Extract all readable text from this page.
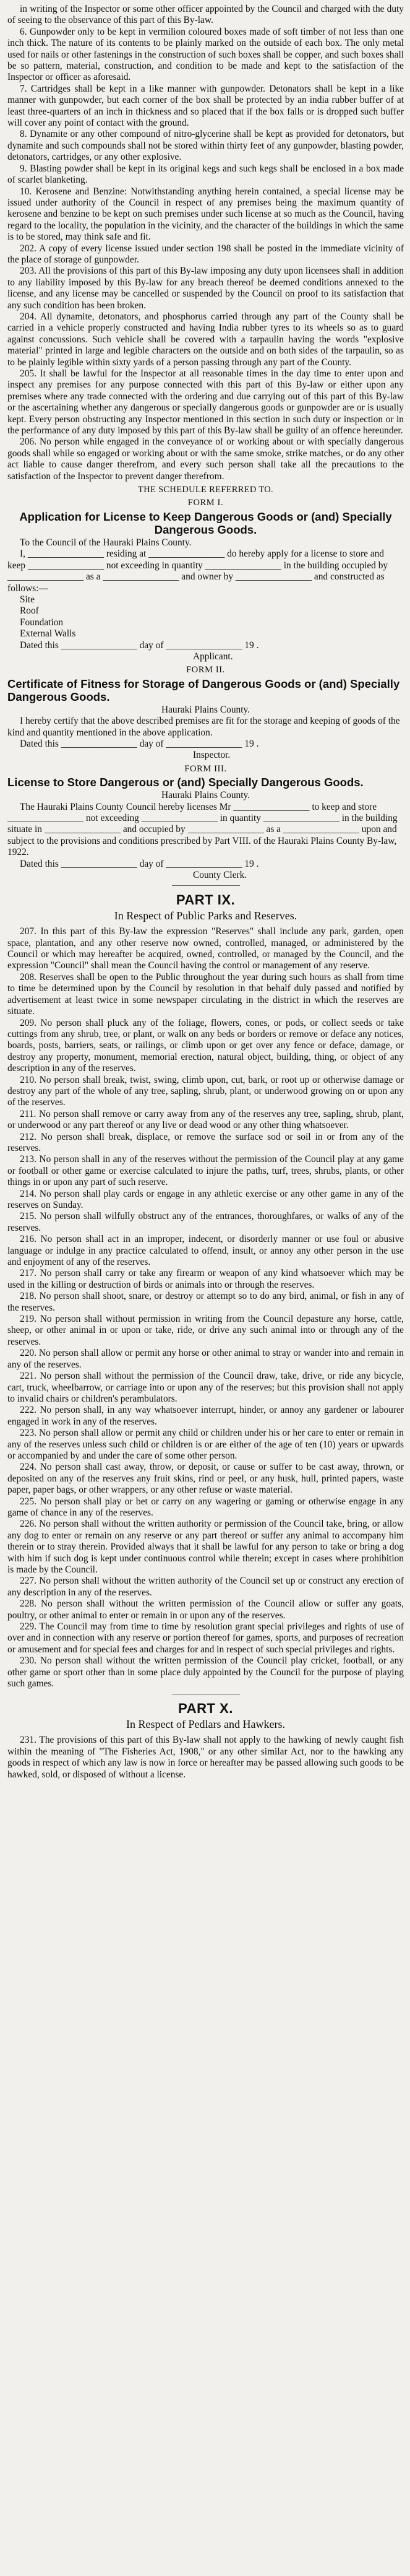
in writing of the Inspector or some other officer appointed by the Council and charged with the duty of seeing to the observance of this part of this By-law.

6. Gunpowder only to be kept in vermilion coloured boxes made of soft timber of not less than one inch thick. The nature of its contents to be plainly marked on the outside of each box. The only metal used for nails or other fastenings in the construction of such boxes shall be copper, and such boxes shall be so pattern, material, construction, and condition to be made and kept to the satisfaction of the Inspector or officer as aforesaid.

7. Cartridges shall be kept in a like manner with gunpowder. Detonators shall be kept in a like manner with gunpowder, but each corner of the box shall be protected by an india rubber buffer of at least three-quarters of an inch in thickness and so placed that if the box falls or is dropped such buffer will cover any point of contact with the ground.

8. Dynamite or any other compound of nitro-glycerine shall be kept as provided for detonators, but dynamite and such compounds shall not be stored within thirty feet of any gunpowder, blasting powder, detonators, cartridges, or any other explosive.

9. Blasting powder shall be kept in its original kegs and such kegs shall be enclosed in a box made of scarlet blanketing.

10. Kerosene and Benzine: Notwithstanding anything herein contained, a special license may be issued under authority of the Council in respect of any premises being the maximum quantity of kerosene and benzine to be kept on such premises under such license at so much as the Council, having regard to the locality, the population in the vicinity, and the character of the buildings in which the same is to be stored, may think safe and fit.

202. A copy of every license issued under section 198 shall be posted in the immediate vicinity of the place of storage of gunpowder.

203. All the provisions of this part of this By-law imposing any duty upon licensees shall in addition to any liability imposed by this By-law for any breach thereof be deemed conditions annexed to the license, and any license may be cancelled or suspended by the Council on proof to its satisfaction that any such condition has been broken.

204. All dynamite, detonators, and phosphorus carried through any part of the County shall be carried in a vehicle properly constructed and having India rubber tyres to its wheels so as to guard against concussions. Such vehicle shall be covered with a tarpaulin having the words "explosive material" printed in large and legible characters on the outside and on both sides of the tarpaulin, so as to be plainly legible within sixty yards of a person passing through any part of the County.

205. It shall be lawful for the Inspector at all reasonable times in the day time to enter upon and inspect any premises for any purpose connected with this part of this By-law or either upon any premises where any trade connected with the ordering and due carrying out of this part of this By-law or the ascertaining whether any dangerous or specially dangerous goods or gunpowder are or is usually kept. Every person obstructing any Inspector mentioned in this section in such duty or inspection or in the performance of any duty imposed by this part of this By-law shall be guilty of an offence hereunder.

206. No person while engaged in the conveyance of or working about or with specially dangerous goods shall while so engaged or working about or with the same smoke, strike matches, or do any other act liable to cause danger therefrom, and every such person shall take all the precautions to the satisfaction of the Inspector to prevent danger therefrom.

THE SCHEDULE REFERRED TO.

FORM I.

Application for License to Keep Dangerous Goods or (and) Specially Dangerous Goods.

To the Council of the Hauraki Plains County.

I, ________________ residing at ________________ do hereby apply for a license to store and keep ________________ not exceeding in quantity ________________ in the building occupied by ________________ as a ________________ and owner by ________________ and constructed as follows:—

Site

Roof

Foundation

External Walls

Dated this ________________ day of ________________ 19 .

Applicant.

FORM II.

Certificate of Fitness for Storage of Dangerous Goods or (and) Specially Dangerous Goods.

Hauraki Plains County.

I hereby certify that the above described premises are fit for the storage and keeping of goods of the kind and quantity mentioned in the above application.

Dated this ________________ day of ________________ 19 .

Inspector.

FORM III.

License to Store Dangerous or (and) Specially Dangerous Goods.

Hauraki Plains County.

The Hauraki Plains County Council hereby licenses Mr ________________ to keep and store ________________ not exceeding ________________ in quantity ________________ in the building situate in ________________ and occupied by ________________ as a ________________ upon and subject to the provisions and conditions prescribed by Part VIII. of the Hauraki Plains County By-law, 1922.

Dated this ________________ day of ________________ 19 .

County Clerk.

PART IX.

In Respect of Public Parks and Reserves.

207. In this part of this By-law the expression "Reserves" shall include any park, garden, open space, plantation, and any other reserve now owned, controlled, managed, or administered by the Council or which may hereafter be acquired, owned, controlled, or managed by the Council, and the expression "Council" shall mean the Council having the control or management of any reserve.

208. Reserves shall be open to the Public throughout the year during such hours as shall from time to time be determined upon by the Council by resolution in that behalf duly passed and notified by advertisement at least twice in some newspaper circulating in the district in which the reserves are situate.

209. No person shall pluck any of the foliage, flowers, cones, or pods, or collect seeds or take cuttings from any shrub, tree, or plant, or walk on any beds or borders or remove or deface any notices, boards, posts, barriers, seats, or railings, or climb upon or get over any fence or deface, damage, or destroy any property, monument, memorial erection, natural object, building, thing, or object of any description in any of the reserves.

210. No person shall break, twist, swing, climb upon, cut, bark, or root up or otherwise damage or destroy any part of the whole of any tree, sapling, shrub, plant, or underwood growing on or upon any of the reserves.

211. No person shall remove or carry away from any of the reserves any tree, sapling, shrub, plant, or underwood or any part thereof or any live or dead wood or any other thing whatsoever.

212. No person shall break, displace, or remove the surface sod or soil in or from any of the reserves.

213. No person shall in any of the reserves without the permission of the Council play at any game or football or other game or exercise calculated to injure the paths, turf, trees, shrubs, plants, or other things in or upon any part of such reserve.

214. No person shall play cards or engage in any athletic exercise or any other game in any of the reserves on Sunday.

215. No person shall wilfully obstruct any of the entrances, thoroughfares, or walks of any of the reserves.

216. No person shall act in an improper, indecent, or disorderly manner or use foul or abusive language or indulge in any practice calculated to offend, insult, or annoy any other person in the use and enjoyment of any of the reserves.

217. No person shall carry or take any firearm or weapon of any kind whatsoever which may be used in the killing or destruction of birds or animals into or through the reserves.

218. No person shall shoot, snare, or destroy or attempt so to do any bird, animal, or fish in any of the reserves.

219. No person shall without permission in writing from the Council depasture any horse, cattle, sheep, or other animal in or upon or take, ride, or drive any such animal into or through any of the reserves.

220. No person shall allow or permit any horse or other animal to stray or wander into and remain in any of the reserves.

221. No person shall without the permission of the Council draw, take, drive, or ride any bicycle, cart, truck, wheelbarrow, or carriage into or upon any of the reserves; but this provision shall not apply to invalid chairs or children's perambulators.

222. No person shall, in any way whatsoever interrupt, hinder, or annoy any gardener or labourer engaged in work in any of the reserves.

223. No person shall allow or permit any child or children under his or her care to enter or remain in any of the reserves unless such child or children is or are either of the age of ten (10) years or upwards or accompanied by and under the care of some other person.

224. No person shall cast away, throw, or deposit, or cause or suffer to be cast away, thrown, or deposited on any of the reserves any fruit skins, rind or peel, or any husk, hull, printed papers, waste paper, paper bags, or other wrappers, or any other refuse or waste material.

225. No person shall play or bet or carry on any wagering or gaming or otherwise engage in any game of chance in any of the reserves.

226. No person shall without the written authority or permission of the Council take, bring, or allow any dog to enter or remain on any reserve or any part thereof or suffer any animal to accompany him therein or to stray therein. Provided always that it shall be lawful for any person to take or bring a dog with him if such dog is kept under continuous control while therein; except in cases where prohibition is made by the Council.

227. No person shall without the written authority of the Council set up or construct any erection of any description in any of the reserves.

228. No person shall without the written permission of the Council allow or suffer any goats, poultry, or other animal to enter or remain in or upon any of the reserves.

229. The Council may from time to time by resolution grant special privileges and rights of use of over and in connection with any reserve or portion thereof for games, sports, and purposes of recreation or amusement and for special fees and charges for and in respect of such special privileges and rights.

230. No person shall without the written permission of the Council play cricket, football, or any other game or sport other than in some place duly appointed by the Council for the purpose of playing such games.

PART X.

In Respect of Pedlars and Hawkers.

231. The provisions of this part of this By-law shall not apply to the hawking of newly caught fish within the meaning of "The Fisheries Act, 1908," or any other similar Act, nor to the hawking any goods in respect of which any law is now in force or hereafter may be passed allowing such goods to be hawked, sold, or disposed of without a license.
